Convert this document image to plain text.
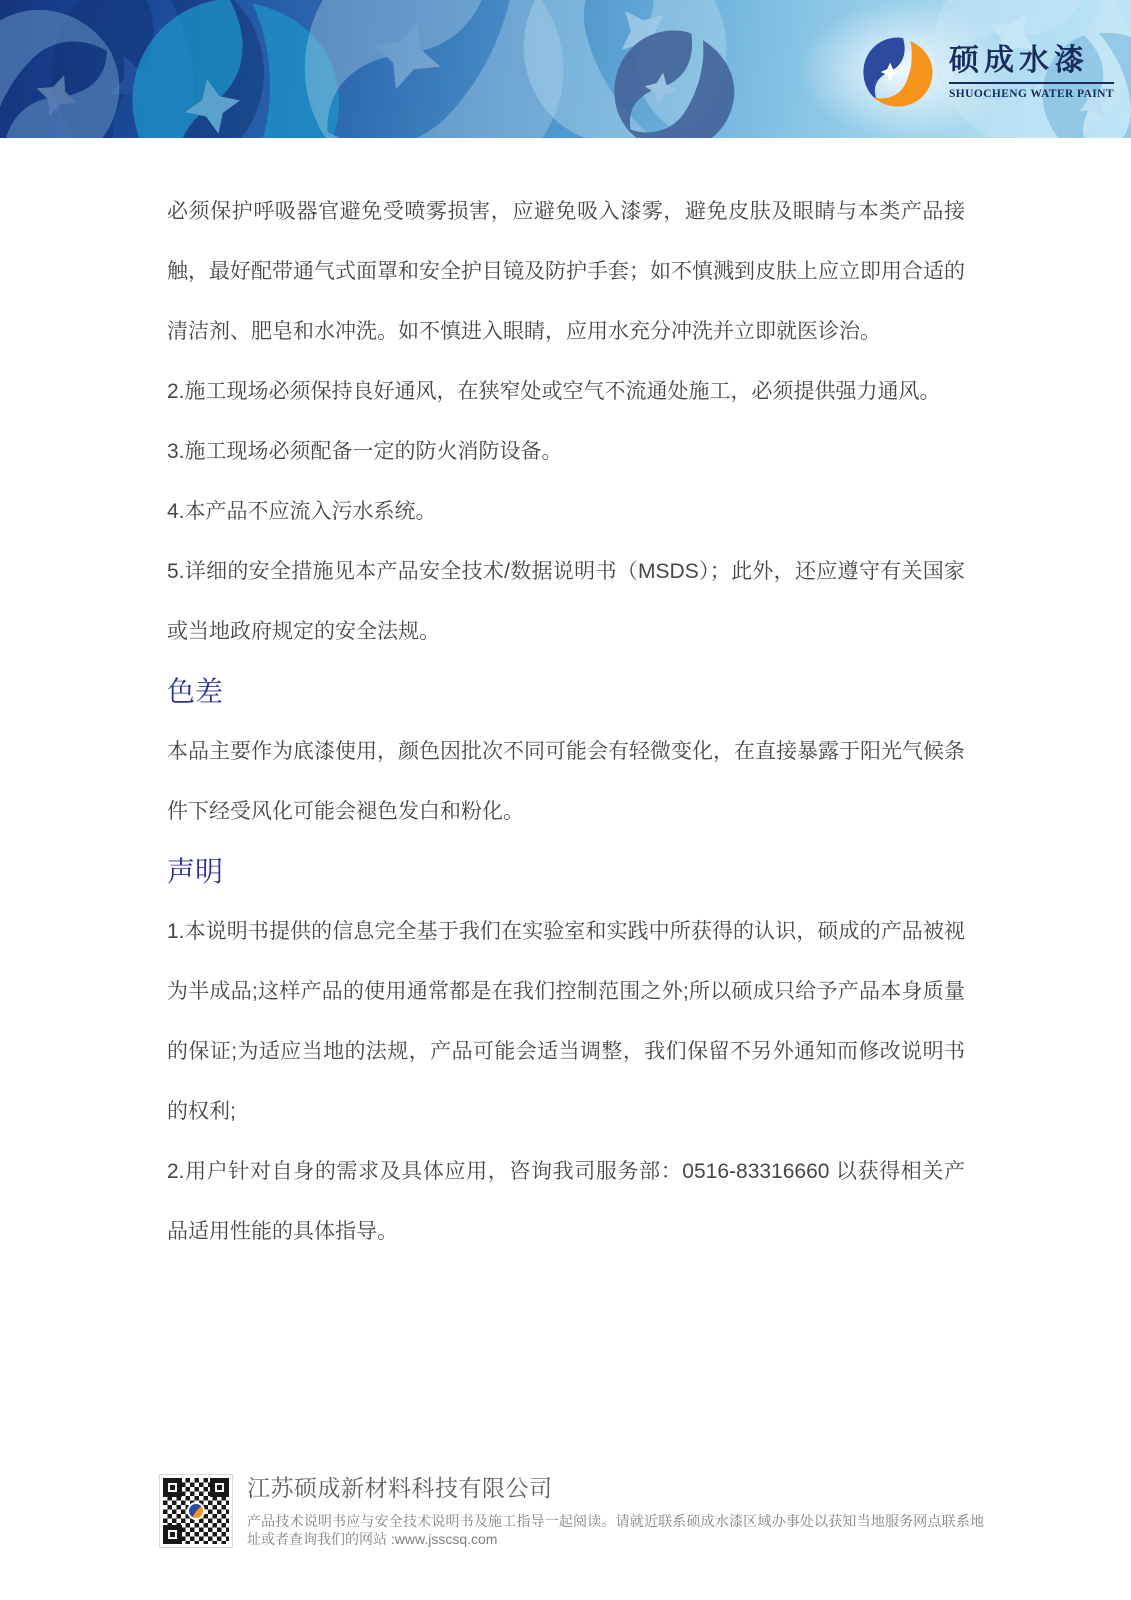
硕成水漆
SHUOCHENG WATER PAINT

必须保护呼吸器官避免受喷雾损害，应避免吸入漆雾，避免皮肤及眼睛与本类产品接触，最好配带通气式面罩和安全护目镜及防护手套；如不慎溅到皮肤上应立即用合适的清洁剂、肥皂和水冲洗。如不慎进入眼睛，应用水充分冲洗并立即就医诊治。

2.施工现场必须保持良好通风，在狭窄处或空气不流通处施工，必须提供强力通风。

3.施工现场必须配备一定的防火消防设备。

4.本产品不应流入污水系统。

5.详细的安全措施见本产品安全技术/数据说明书（MSDS）；此外，还应遵守有关国家或当地政府规定的安全法规。

色差

本品主要作为底漆使用，颜色因批次不同可能会有轻微变化，在直接暴露于阳光气候条件下经受风化可能会褪色发白和粉化。

声明

1.本说明书提供的信息完全基于我们在实验室和实践中所获得的认识，硕成的产品被视为半成品;这样产品的使用通常都是在我们控制范围之外;所以硕成只给予产品本身质量的保证;为适应当地的法规，产品可能会适当调整，我们保留不另外通知而修改说明书的权利;

2.用户针对自身的需求及具体应用，咨询我司服务部：0516-83316660 以获得相关产品适用性能的具体指导。

江苏硕成新材料科技有限公司

产品技术说明书应与安全技术说明书及施工指导一起阅读。请就近联系硕成水漆区域办事处以获知当地服务网点联系地址或者查询我们的网站 :www.jsscsq.com
